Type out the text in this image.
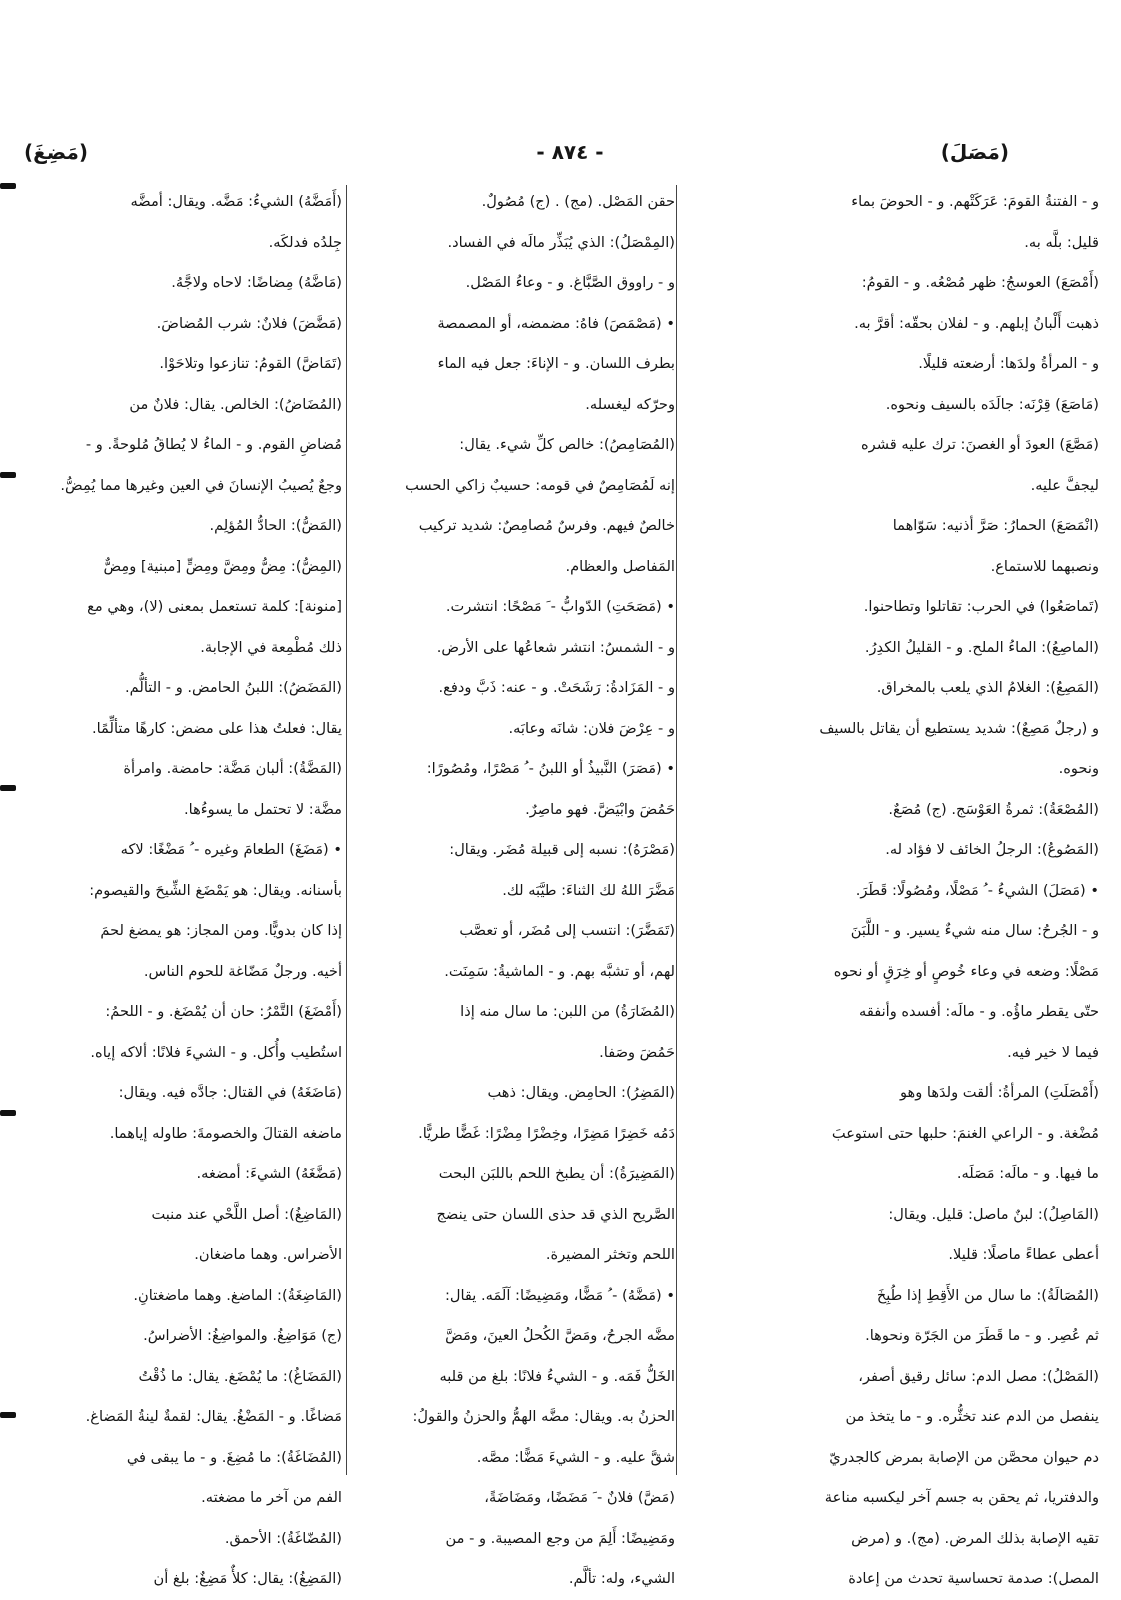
(مَصَلَ)
- ٨٧٤ -
(مَضِغَ)
و - الفتنةُ القومَ: عَرَكَتْهم. و - الحوضَ بماء
قليل: بلَّه به.
(أَمْصَعَ) العوسجُ: ظهر مُصْعُه. و - القومُ:
ذهبت أَلْبانُ إبلهم. و - لفلان بحقّه: أقرَّ به.
و - المرأةُ ولدَها: أرضعته قليلًا.
(مَاصَعَ) قِرْنَه: جالَدَه بالسيف ونحوه.
(مَصَّعَ) العودَ أو الغصنَ: ترك عليه قشره
ليجفَّ عليه.
(انْمَصَعَ) الحمارُ: صَرَّ أذنيه: سَوّاهما
ونصبهما للاستماع.
(تَماصَعُوا) في الحرب: تقاتلوا وتطاحنوا.
(الماصِعُ): الماءُ الملح. و - القليلُ الكدِرُ.
(المَصِعُ): الغلامُ الذي يلعب بالمخراق.
و (رجلٌ مَصِعٌ): شديد يستطيع أن يقاتل بالسيف
ونحوه.
(المُصْعَةُ): ثمرةُ العَوْسَج. (ج) مُصَعٌ.
(المَصُوعُ): الرجلُ الخائف لا فؤاد له.
• (مَصَلَ) الشيءُ - ُ مَصْلًا، ومُصُولًا: قَطَرَ.
و - الجُرحُ: سال منه شيءٌ يسير. و - اللَّبَنَ
مَصْلًا: وضعه في وعاء خُوصٍ أو خِرَقٍ أو نحوه
حتّى يقطر ماؤُه. و - مالَه: أفسده وأنفقه
فيما لا خير فيه.
(أَمْصَلَتِ) المرأةُ: ألقت ولدَها وهو
مُضْغة. و - الراعي الغنمَ: حلبها حتى استوعبَ
ما فيها. و - مالَه: مَصَلَه.
(المَاصِلُ): لبنٌ ماصل: قليل. ويقال:
أعطى عطاءً ماصلًا: قليلا.
(المُصَالَةُ): ما سال من الأَقِطِ إذا طُبِخَ
ثم عُصِر. و - ما قَطَرَ من الجَرّة ونحوها.
(المَصْلُ): مصل الدم: سائل رقيق أصفر،
ينفصل من الدم عند تخثُّره. و - ما يتخذ من
دم حيوان محصَّن من الإصابة بمرض كالجدريّ
والدفتريا، ثم يحقن به جسم آخر ليكسبه مناعة
تقيه الإصابة بذلك المرض. (مج). و (مرض
المصل): صدمة تحساسية تحدث من إعادة
حقن المَصْل. (مج) . (ج) مُصُولٌ.
(المِمْصَلُ): الذي يُبَذِّر مالَه في الفساد.
و - راووق الصَّبَّاغ. و - وعاءُ المَصْل.
• (مَصْمَصَ) فاهُ: مضمضه، أو المصمصة
بطرف اللسان. و - الإناءَ: جعل فيه الماء
وحرّكه ليغسله.
(المُصَامِصُ): خالص كلِّ شيء. يقال:
إنه لَمُصَامِصٌ في قومه: حسيبٌ زاكي الحسب
خالصٌ فيهم. وفرسٌ مُصامِصٌ: شديد تركيب
المَفاصل والعظام.
• (مَصَحَتِ) الدّوابُّ - َ مَصْحًا: انتشرت.
و - الشمسُ: انتشر شعاعُها على الأرض.
و - المَزَادةُ: رَشَحَتْ. و - عنه: ذَبَّ ودفع.
و - عِرْضَ فلان: شانَه وعابَه.
• (مَصَرَ) النَّبيذُ أو اللبنُ - ُ مَصْرًا، ومُصُورًا:
حَمُضَ وابْيَضَّ. فهو ماصِرٌ.
(مَصْرَهُ): نسبه إلى قبيلة مُضَر. ويقال:
مَضَّرَ اللهُ لك الثناءَ: طيَّبَه لك.
(تَمَضَّرَ): انتسب إلى مُضَر، أو تعصَّب
لهم، أو تشبَّه بهم. و - الماشيةُ: سَمِنَت.
(المُضَارَةُ) من اللبن: ما سال منه إذا
حَمُضَ وصَفا.
(المَضِرُ): الحامِض. ويقال: ذهب
دَمُه خَضِرًا مَضِرًا، وخِضْرًا مِضْرًا: غَضًّا طريًّا.
(المَضِيرَةُ): أن يطبخ اللحم باللبَن البحت
الصَّريح الذي قد حذى اللسان حتى ينضج
اللحم وتخثر المضيرة.
• (مَضَّهُ) - ُ مَضًّا، ومَضِيضًا: آلَمَه. يقال:
مضَّه الجرحُ، ومَضَّ الكُحلُ العينَ، ومَضَّ
الخَلُّ فَمَه. و - الشيءُ فلانًا: بلغ من قلبه
الحزنُ به. ويقال: مضَّه الهمُّ والحزنُ والقولُ:
شقَّ عليه. و - الشيءَ مَضًّا: مصَّه.
(مَضَّ) فلانٌ - َ مَضَضًا، ومَضَاضَةً،
ومَضِيضًا: أَلِمَ من وجع المصيبة. و - من
الشيء، وله: تألَّم.
(أَمَضَّهُ) الشيءُ: مَضَّه. ويقال: أمضَّه
جِلدُه فدلكَه.
(مَاضَّهُ) مِضاضًا: لاحاه ولاجَّهُ.
(مَضَّضَ) فلانٌ: شرب المُضاضَ.
(تَمَاضَّ) القومُ: تنازعوا وتلاحَوْا.
(المُضَاضُ): الخالص. يقال: فلانٌ من
مُضاضِ القوم. و - الماءُ لا يُطاقُ مُلوحةً. و -
وجعٌ يُصيبُ الإنسانَ في العين وغيرها مما يُمِضُّ.
(المَضُّ): الحادُّ المُؤلِم.
(المِضُّ): مِضُّ ومِضَّ ومِضٍّ [مبنية] ومِضٌّ
[منونة]: كلمة تستعمل بمعنى (لا)، وهي مع
ذلك مُطْمِعة في الإجابة.
(المَضَضُ): اللبنُ الحامض. و - التألُّم.
يقال: فعلتُ هذا على مضض: كارهًا متألِّمًا.
(المَضَّةُ): ألبان مَضَّة: حامضة. وامرأة
مضَّة: لا تحتمل ما يسوءُها.
• (مَضَغَ) الطعامَ وغيره - ُ مَضْغًا: لاكه
بأسنانه. ويقال: هو يَمْضَغ الشِّيحَ والقيصوم:
إذا كان بدويًّا. ومن المجاز: هو يمضغ لحمَ
أخيه. ورجلٌ مَضّاغة للحوم الناس.
(أَمْضَغَ) التَّمْرُ: حان أن يُمْضَغ. و - اللحمُ:
استُطيب وأُكل. و - الشيءَ فلانًا: ألاكه إياه.
(مَاضَغَهُ) في القتال: جادَّه فيه. ويقال:
ماضغه القتالَ والخصومةَ: طاوله إياهما.
(مَضَّغَهُ) الشيءَ: أمضغه.
(المَاضِغُ): أصل اللَّحْي عند منبت
الأضراس. وهما ماضغان.
(المَاضِغَةُ): الماضغ. وهما ماضغتانِ.
(ج) مَوَاضِغُ. والمواضِغُ: الأضراسُ.
(المَضَاغُ): ما يُمْضَغ. يقال: ما ذُقْتُ
مَضاغًا. و - المَضْغُ. يقال: لقمةٌ لينةُ المَضاغ.
(المُضَاغَةُ): ما مُضِغَ. و - ما يبقى في
الفم من آخر ما مضغته.
(المُضّاغَةُ): الأحمق.
(المَضِغُ): يقال: كلأٌ مَضِغٌ: بلغ أن
